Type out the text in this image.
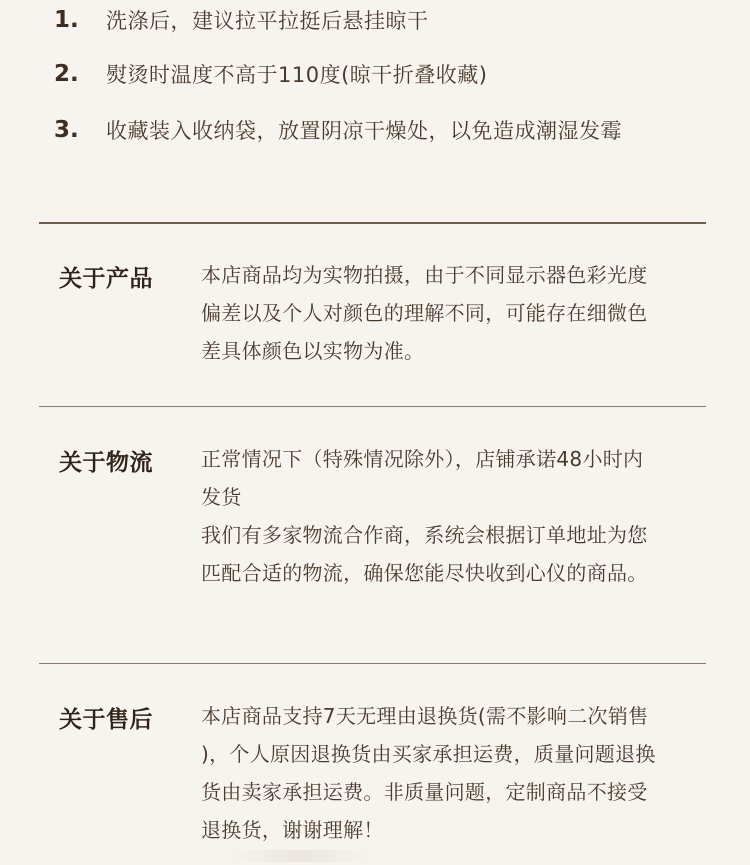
1.	洗涤后，建议拉平拉挺后悬挂晾干
2.	熨烫时温度不高于110度(晾干折叠收藏)
3.	收藏装入收纳袋，放置阴凉干燥处，以免造成潮湿发霉
关于产品 本店商品均为实物拍摄，由于不同显示器色彩光度
偏差以及个人对颜色的理解不同，可能存在细微色
差具体颜色以实物为准。
关于物流 正常情况下（特殊情况除外），店铺承诺48小时内
发货
我们有多家物流合作商，系统会根据订单地址为您
匹配合适的物流，确保您能尽快收到心仪的商品。
关于售后 本店商品支持7天无理由退换货(需不影响二次销售
)，个人原因退换货由买家承担运费，质量问题退换
货由卖家承担运费。非质量问题，定制商品不接受
退换货，谢谢理解！
